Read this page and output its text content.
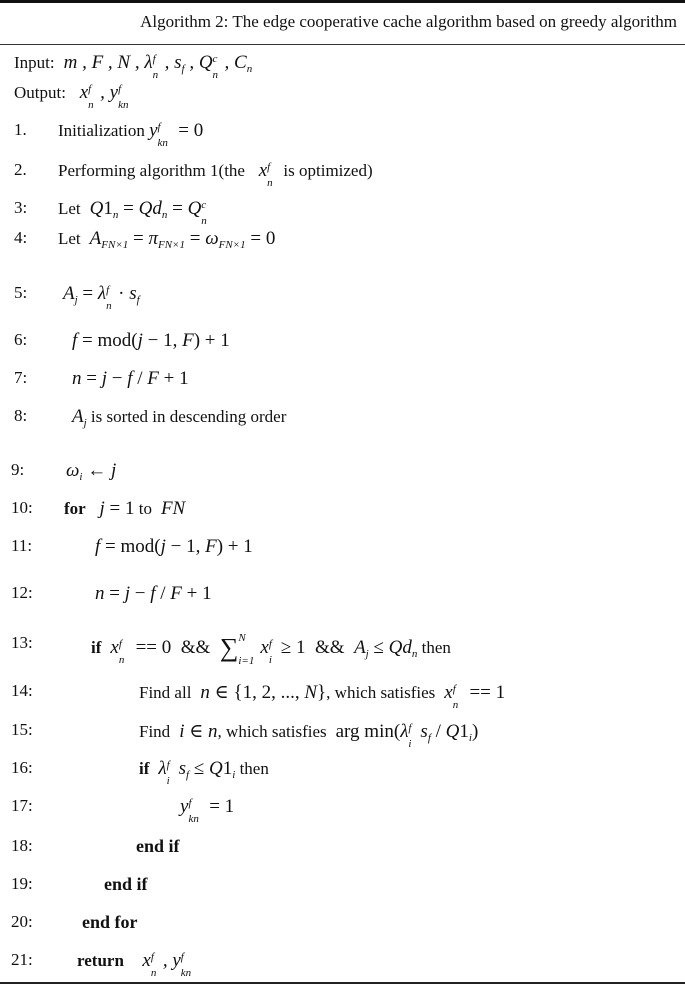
Algorithm 2: The edge cooperative cache algorithm based on greedy algorithm
Input:  m , F , N , λ f
n
, $s_f$ , Q c
n
, $C_n$
Output:   x f
n
, y f
kn
1. Initialization y f
kn
= 0
2. Performing algorithm 1(the   x f
n
is optimized)
3: Let  $Q1_n = Qd_n = Q$ c
n
4: Let  $A_{FN\times 1} = \pi_{FN\times 1} = \omega_{FN\times 1} = 0$
5: $A_j = \lambda$ f
n
· $s_f$
6: f = mod(j − 1, F) + 1
7: n = j − f / F + 1
8: $A_j$ is sorted in descending order
9: $\omega_i$ ← j
10: for   j = 1 to  FN
11:	f = mod(j − 1, F) + 1
12:	n = j − f / F + 1
13:	if  x f
n
== 0  && ∑ N
i=1
x f
i
≥ 1  && $A_j \le Qd_n$ then
14:	Find all  n ∈ {1, 2, ..., N}, which satisfies  x f
n
== 1
15:	Find  i ∈ n, which satisfies arg min(λ f
i
$s_f / Q1_i$)
16:	if  λ f
i
$s_f \le Q1_i$ then
17:	y f
kn
= 1
18:	end if
19:	end if
20:	end for
21:	return    x f
n
, y f
kn
